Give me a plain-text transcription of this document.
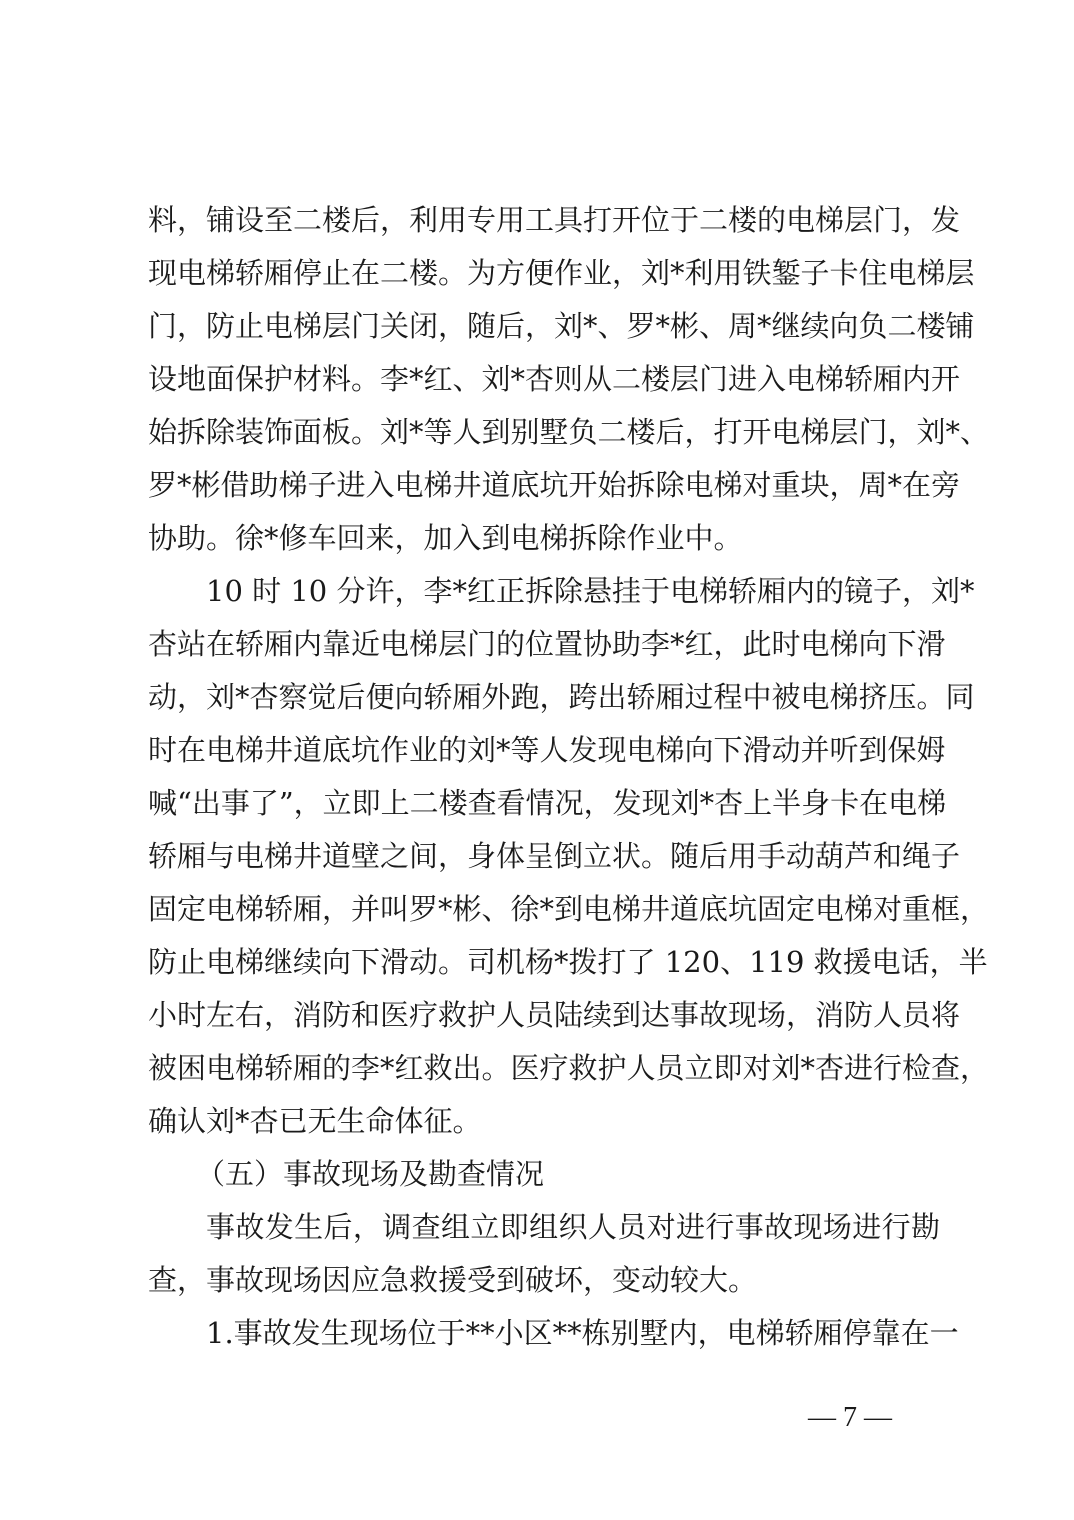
料，铺设至二楼后，利用专用工具打开位于二楼的电梯层门，发
现电梯轿厢停止在二楼。为方便作业，刘*利用铁錾子卡住电梯层
门，防止电梯层门关闭，随后，刘*、罗*彬、周*继续向负二楼铺
设地面保护材料。李*红、刘*杏则从二楼层门进入电梯轿厢内开
始拆除装饰面板。刘*等人到别墅负二楼后，打开电梯层门，刘*、
罗*彬借助梯子进入电梯井道底坑开始拆除电梯对重块，周*在旁
协助。徐*修车回来，加入到电梯拆除作业中。
10 时 10 分许，李*红正拆除悬挂于电梯轿厢内的镜子，刘*
杏站在轿厢内靠近电梯层门的位置协助李*红，此时电梯向下滑
动，刘*杏察觉后便向轿厢外跑，跨出轿厢过程中被电梯挤压。同
时在电梯井道底坑作业的刘*等人发现电梯向下滑动并听到保姆
喊“出事了”，立即上二楼查看情况，发现刘*杏上半身卡在电梯
轿厢与电梯井道壁之间，身体呈倒立状。随后用手动葫芦和绳子
固定电梯轿厢，并叫罗*彬、徐*到电梯井道底坑固定电梯对重框，
防止电梯继续向下滑动。司机杨*拨打了 120、119 救援电话，半
小时左右，消防和医疗救护人员陆续到达事故现场，消防人员将
被困电梯轿厢的李*红救出。医疗救护人员立即对刘*杏进行检查，
确认刘*杏已无生命体征。
（五）事故现场及勘查情况
事故发生后，调查组立即组织人员对进行事故现场进行勘
查，事故现场因应急救援受到破坏，变动较大。
1.事故发生现场位于**小区**栋别墅内，电梯轿厢停靠在一
— 7 —
